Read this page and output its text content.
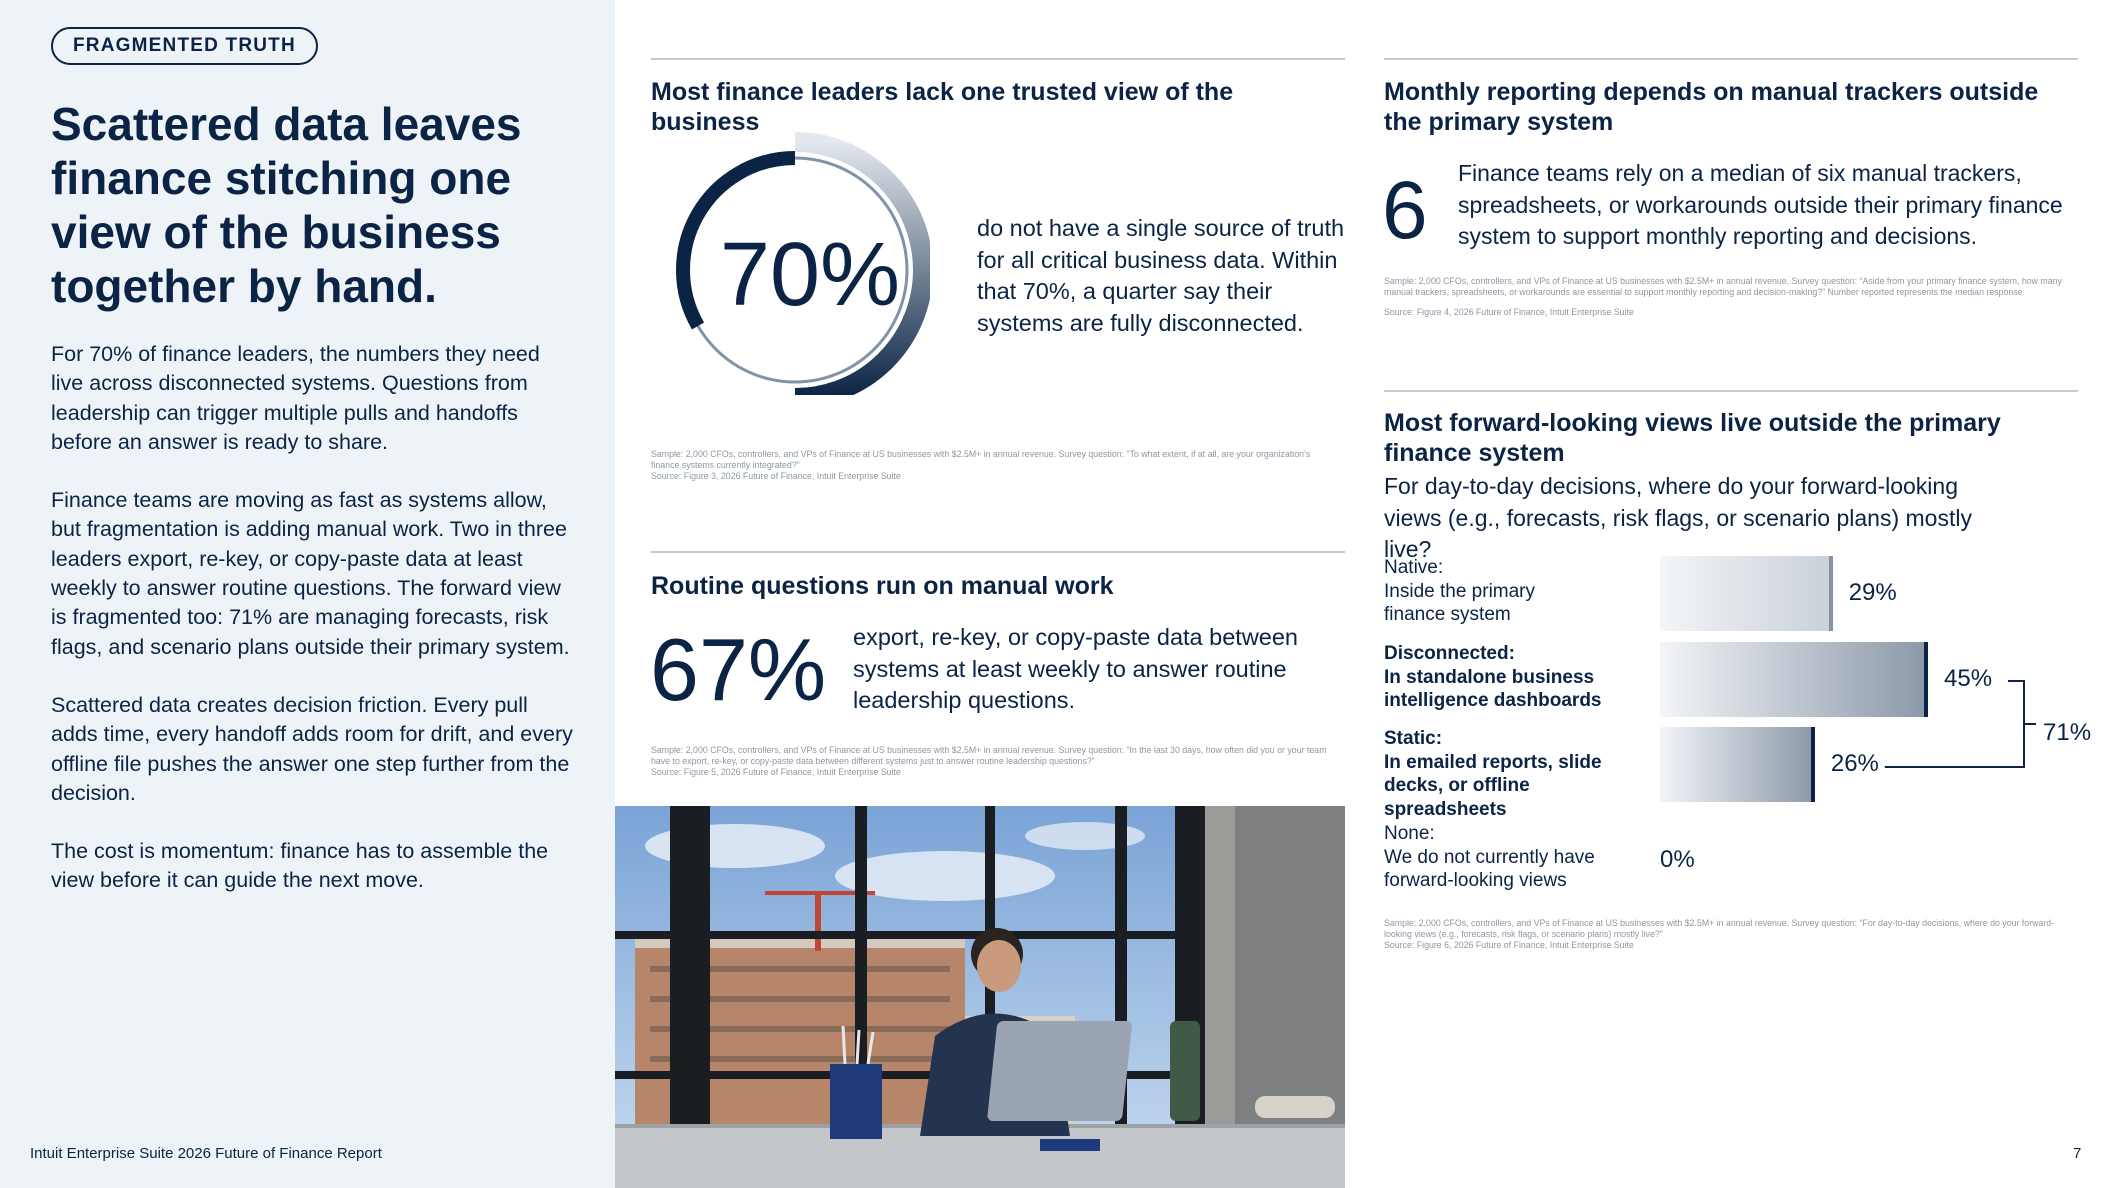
FRAGMENTED TRUTH
Scattered data leaves finance stitching one view of the business together by hand.

For 70% of finance leaders, the numbers they need live across disconnected systems. Questions from leadership can trigger multiple pulls and handoffs before an answer is ready to share.

Finance teams are moving as fast as systems allow, but fragmentation is adding manual work. Two in three leaders export, re-key, or copy-paste data at least weekly to answer routine questions. The forward view is fragmented too: 71% are managing forecasts, risk flags, and scenario plans outside their primary system.

Scattered data creates decision friction. Every pull adds time, every handoff adds room for drift, and every offline file pushes the answer one step further from the decision.

The cost is momentum: finance has to assemble the view before it can guide the next move.

Intuit Enterprise Suite 2026 Future of Finance Report
Most finance leaders lack one trusted view of the business
70%	do not have a single source of truth for all critical business data. Within that 70%, a quarter say their systems are fully disconnected.
Sample: 2,000 CFOs, controllers, and VPs of Finance at US businesses with $2.5M+ in annual revenue. Survey question: “To what extent, if at all, are your organization’s finance systems currently integrated?”
Source: Figure 3, 2026 Future of Finance, Intuit Enterprise Suite
Routine questions run on manual work
67% export, re-key, or copy-paste data between systems at least weekly to answer routine leadership questions.
Sample: 2,000 CFOs, controllers, and VPs of Finance at US businesses with $2.5M+ in annual revenue. Survey question: “In the last 30 days, how often did you or your team have to export, re-key, or copy-paste data between different systems just to answer routine leadership questions?”
Source: Figure 5, 2026 Future of Finance, Intuit Enterprise Suite
Monthly reporting depends on manual trackers outside the primary system
6 Finance teams rely on a median of six manual trackers, spreadsheets, or workarounds outside their primary finance system to support monthly reporting and decisions.
Sample: 2,000 CFOs, controllers, and VPs of Finance at US businesses with $2.5M+ in annual revenue. Survey question: “Aside from your primary finance system, how many manual trackers, spreadsheets, or workarounds are essential to support monthly reporting and decision-making?” Number reported represents the median response.
Source: Figure 4, 2026 Future of Finance, Intuit Enterprise Suite
Most forward-looking views live outside the primary finance system
For day-to-day decisions, where do your forward-looking views (e.g., forecasts, risk flags, or scenario plans) mostly live?
71%
Sample: 2,000 CFOs, controllers, and VPs of Finance at US businesses with $2.5M+ in annual revenue. Survey question: “For day-to-day decisions, where do your forward-looking views (e.g., forecasts, risk flags, or scenario plans) mostly live?”
Source: Figure 6, 2026 Future of Finance, Intuit Enterprise Suite
7
Native:
Inside the primary
finance system
29%
Disconnected:
In standalone business
intelligence dashboards
45%
Static:
In emailed reports, slide
decks, or offline spreadsheets
26%
None:
We do not currently have
forward-looking views
0%
